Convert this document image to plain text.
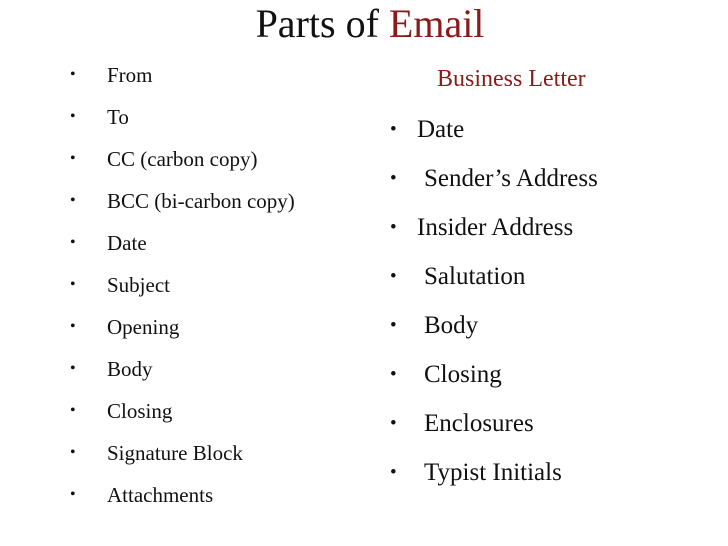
Parts of Email
•	From
•	To
•	CC (carbon copy)
•	BCC (bi-carbon copy)
•	Date
•	Subject
•	Opening
•	Body
•	Closing
•	Signature Block
•	Attachments
Business Letter
• Date
•	Sender’s Address
• Insider Address
•	Salutation
•	Body
•	Closing
•	Enclosures
•	Typist Initials
